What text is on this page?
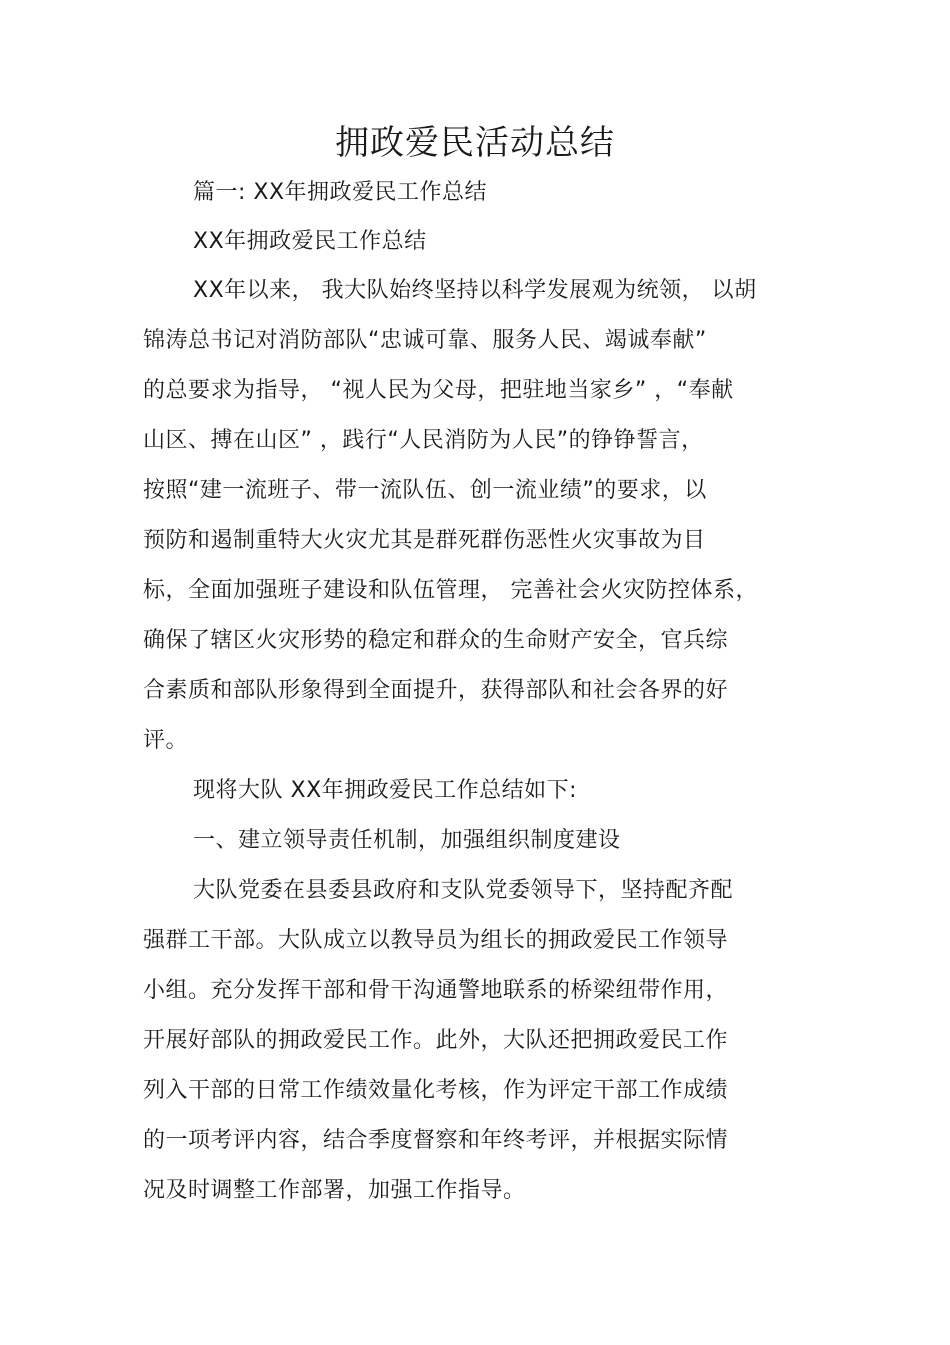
拥政爱民活动总结
篇一: XX年拥政爱民工作总结
XX年拥政爱民工作总结
XX年以来， 我大队始终坚持以科学发展观为统领， 以胡
锦涛总书记对消防部队“忠诚可靠、服务人民、竭诚奉献”
的总要求为指导， “视人民为父母，把驻地当家乡” ，“奉献
山区、搏在山区” ，践行“人民消防为人民”的铮铮誓言，
按照“建一流班子、带一流队伍、创一流业绩”的要求，以
预防和遏制重特大火灾尤其是群死群伤恶性火灾事故为目
标，全面加强班子建设和队伍管理， 完善社会火灾防控体系，
确保了辖区火灾形势的稳定和群众的生命财产安全，官兵综
合素质和部队形象得到全面提升，获得部队和社会各界的好
评。
现将大队 XX年拥政爱民工作总结如下:
一、建立领导责任机制，加强组织制度建设
大队党委在县委县政府和支队党委领导下，坚持配齐配
强群工干部。大队成立以教导员为组长的拥政爱民工作领导
小组。充分发挥干部和骨干沟通警地联系的桥梁纽带作用，
开展好部队的拥政爱民工作。此外，大队还把拥政爱民工作
列入干部的日常工作绩效量化考核，作为评定干部工作成绩
的一项考评内容，结合季度督察和年终考评，并根据实际情
况及时调整工作部署，加强工作指导。
